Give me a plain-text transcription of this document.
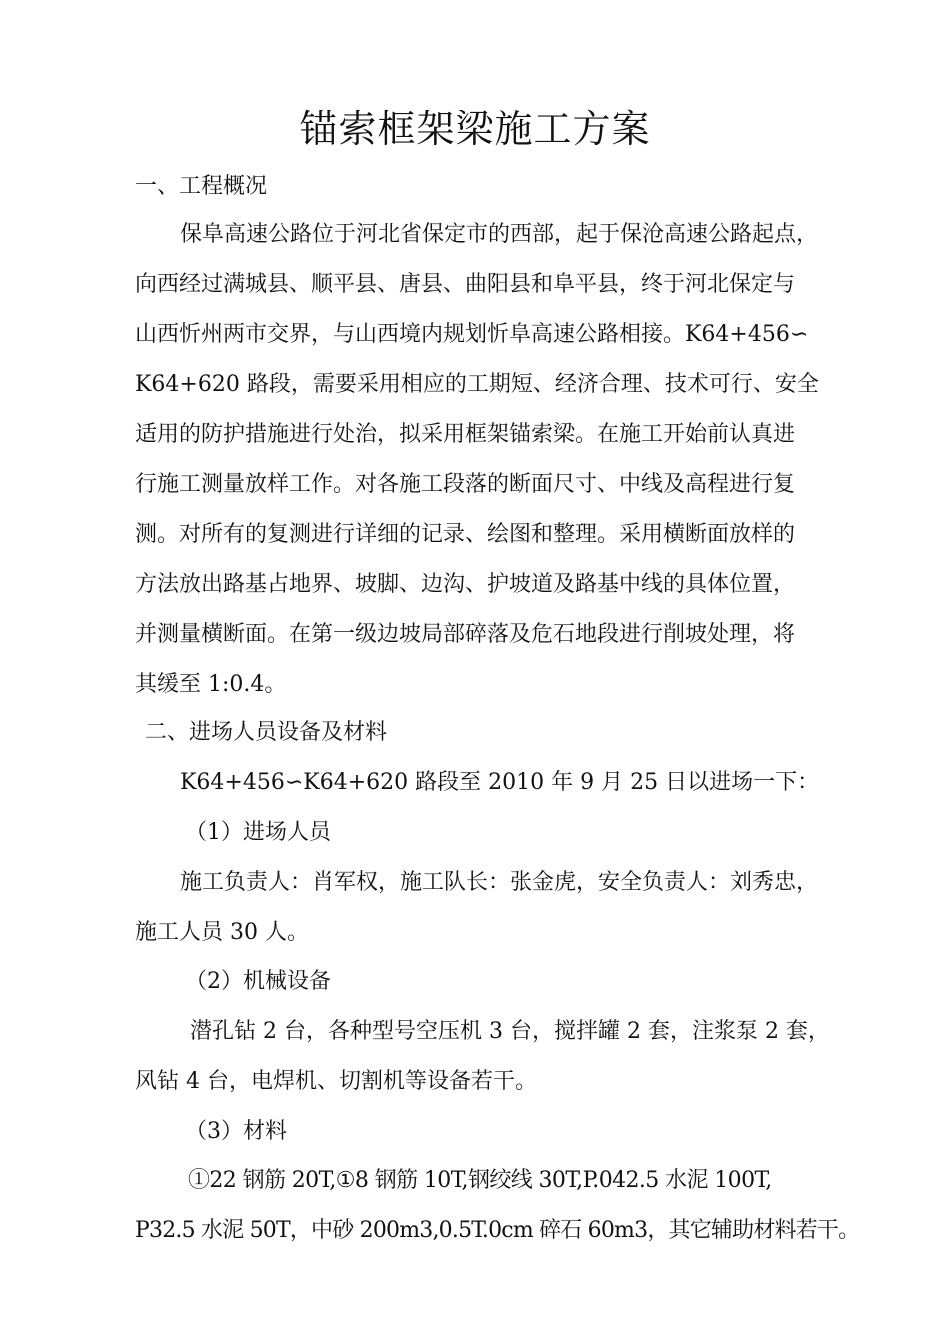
锚索框架梁施工方案
一、工程概况
保阜高速公路位于河北省保定市的西部，起于保沧高速公路起点，
向西经过满城县、顺平县、唐县、曲阳县和阜平县，终于河北保定与
山西忻州两市交界，与山西境内规划忻阜高速公路相接。K64+456∽
K64+620 路段，需要采用相应的工期短、经济合理、技术可行、安全
适用的防护措施进行处治，拟采用框架锚索梁。在施工开始前认真进
行施工测量放样工作。对各施工段落的断面尺寸、中线及高程进行复
测。对所有的复测进行详细的记录、绘图和整理。采用横断面放样的
方法放出路基占地界、坡脚、边沟、护坡道及路基中线的具体位置，
并测量横断面。在第一级边坡局部碎落及危石地段进行削坡处理，将
其缓至 1:0.4。
二、进场人员设备及材料
K64+456∽K64+620 路段至 2010 年 9 月 25 日以进场一下：
（1）进场人员
施工负责人：肖军权，施工队长：张金虎，安全负责人：刘秀忠，
施工人员 30 人。
（2）机械设备
潜孔钻 2 台，各种型号空压机 3 台，搅拌罐 2 套，注浆泵 2 套，
风钻 4 台，电焊机、切割机等设备若干。
（3）材料
①22 钢筋 20T,①8 钢筋 10T,钢绞线 30T,P.042.5 水泥 100T,
P32.5 水泥 50T，中砂 200m3,0.5T.0cm 碎石 60m3，其它辅助材料若干。
